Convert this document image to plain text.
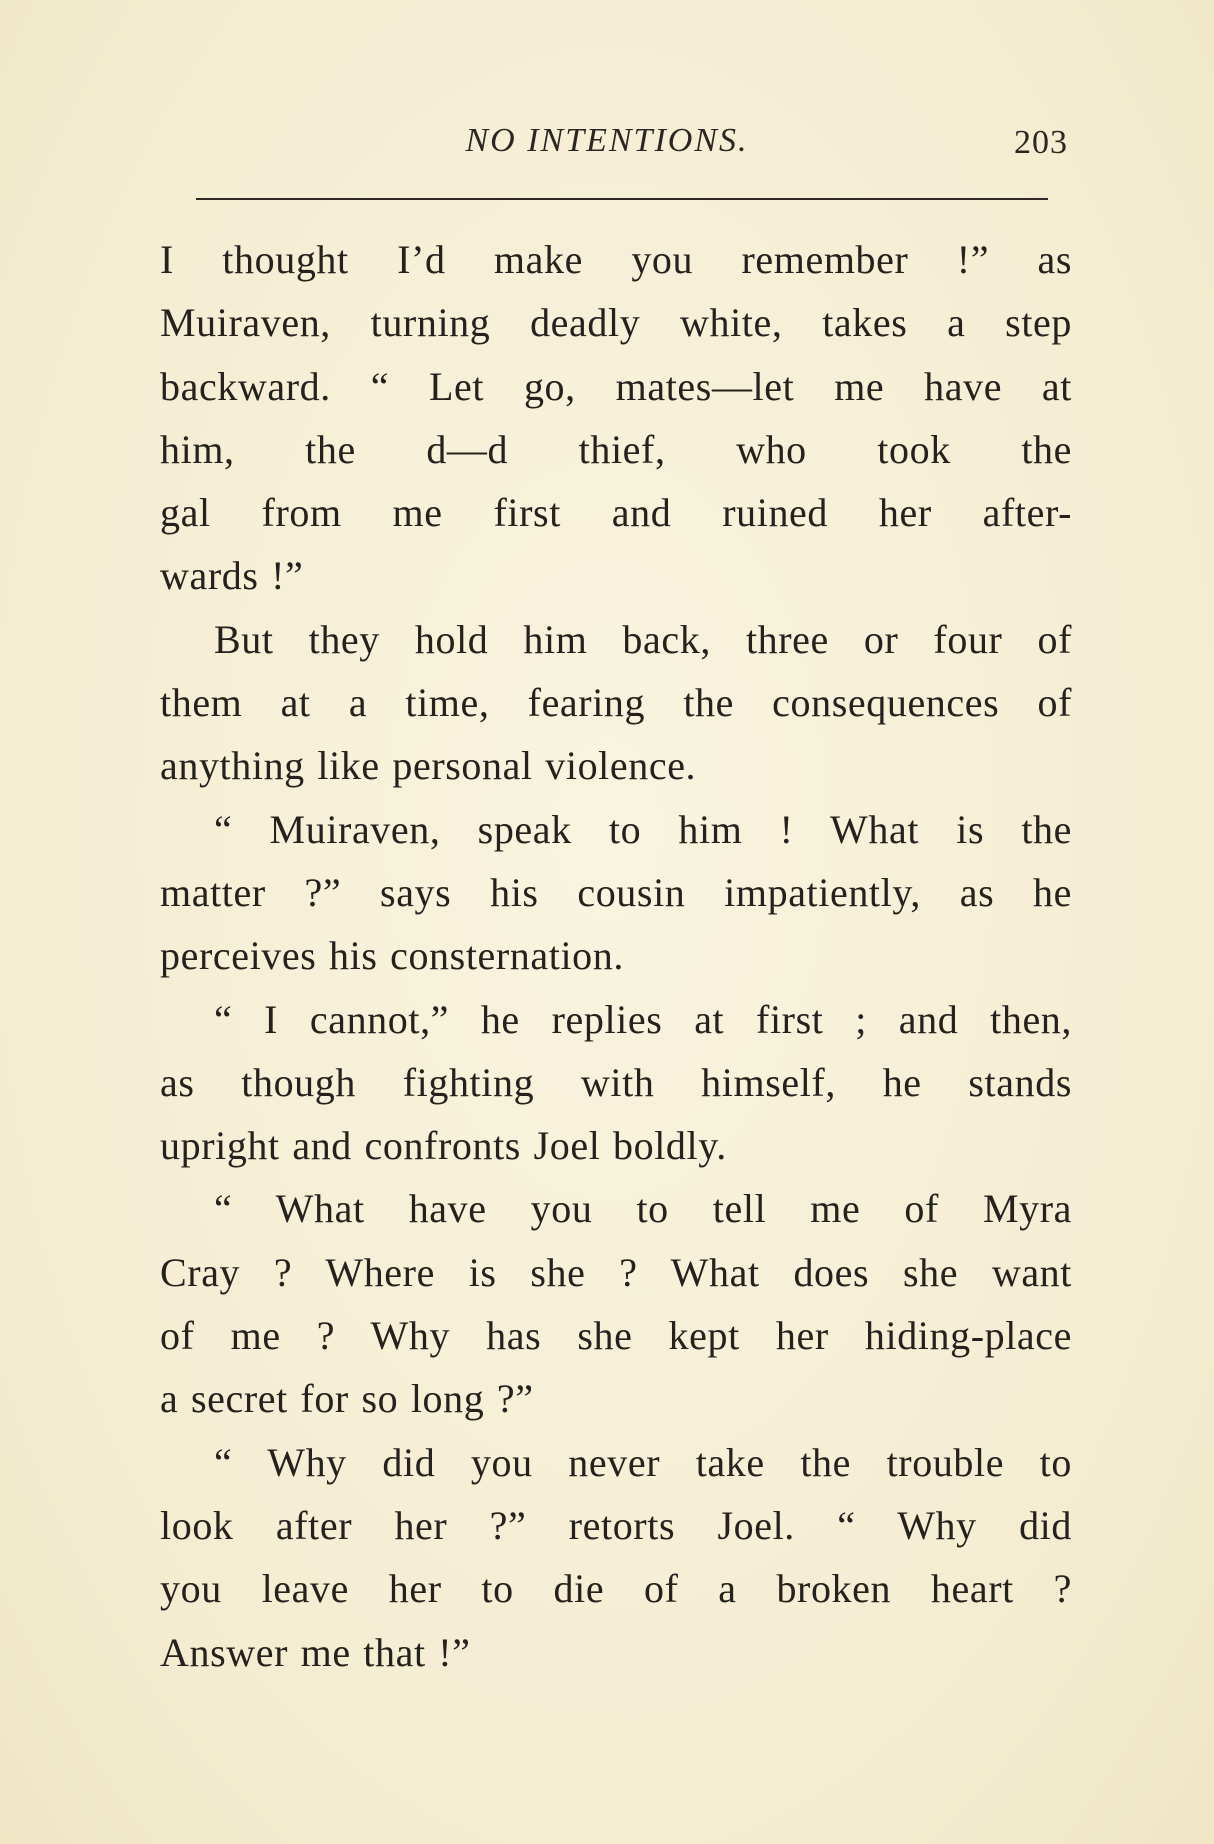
NO INTENTIONS.	203
I thought I’d make you remember !” as
Muiraven, turning deadly white, takes a step
backward. “ Let go, mates—let me have at
him, the d—d thief, who took the
gal from me first and ruined her after-
wards !”
But they hold him back, three or four of
them at a time, fearing the consequences of
anything like personal violence.
“ Muiraven, speak to him ! What is the
matter ?” says his cousin impatiently, as he
perceives his consternation.
“ I cannot,” he replies at first ; and then,
as though fighting with himself, he stands
upright and confronts Joel boldly.
“ What have you to tell me of Myra
Cray ? Where is she ? What does she want
of me ? Why has she kept her hiding-place
a secret for so long ?”
“ Why did you never take the trouble to
look after her ?” retorts Joel. “ Why did
you leave her to die of a broken heart ?
Answer me that !”
